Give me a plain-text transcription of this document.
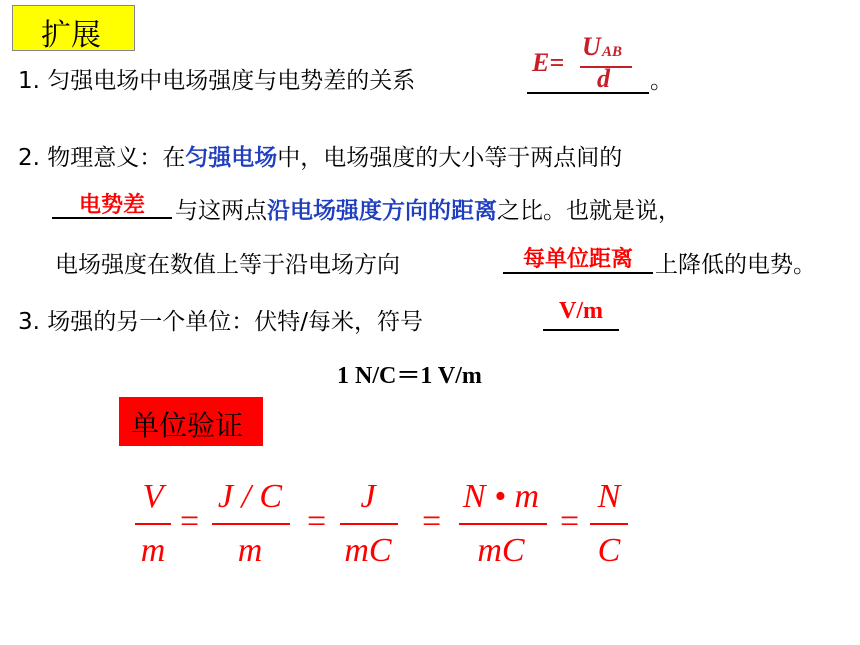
扩展
1. 匀强电场中电场强度与电势差的关系	。
E=
U AB
d
2. 物理意义：在匀强电场中，电场强度的大小等于两点间的
电势差	与这两点沿电场强度方向的距离之比。也就是说，
电场强度在数值上等于沿电场方向	每单位距离 上降低的电势。
3. 场强的另一个单位：伏特/每米，符号	V/m
1 N/C＝1 V/m
单位验证
V
m
=
J / C
m
=
J
mC
=
N • m
mC
=
N
C
